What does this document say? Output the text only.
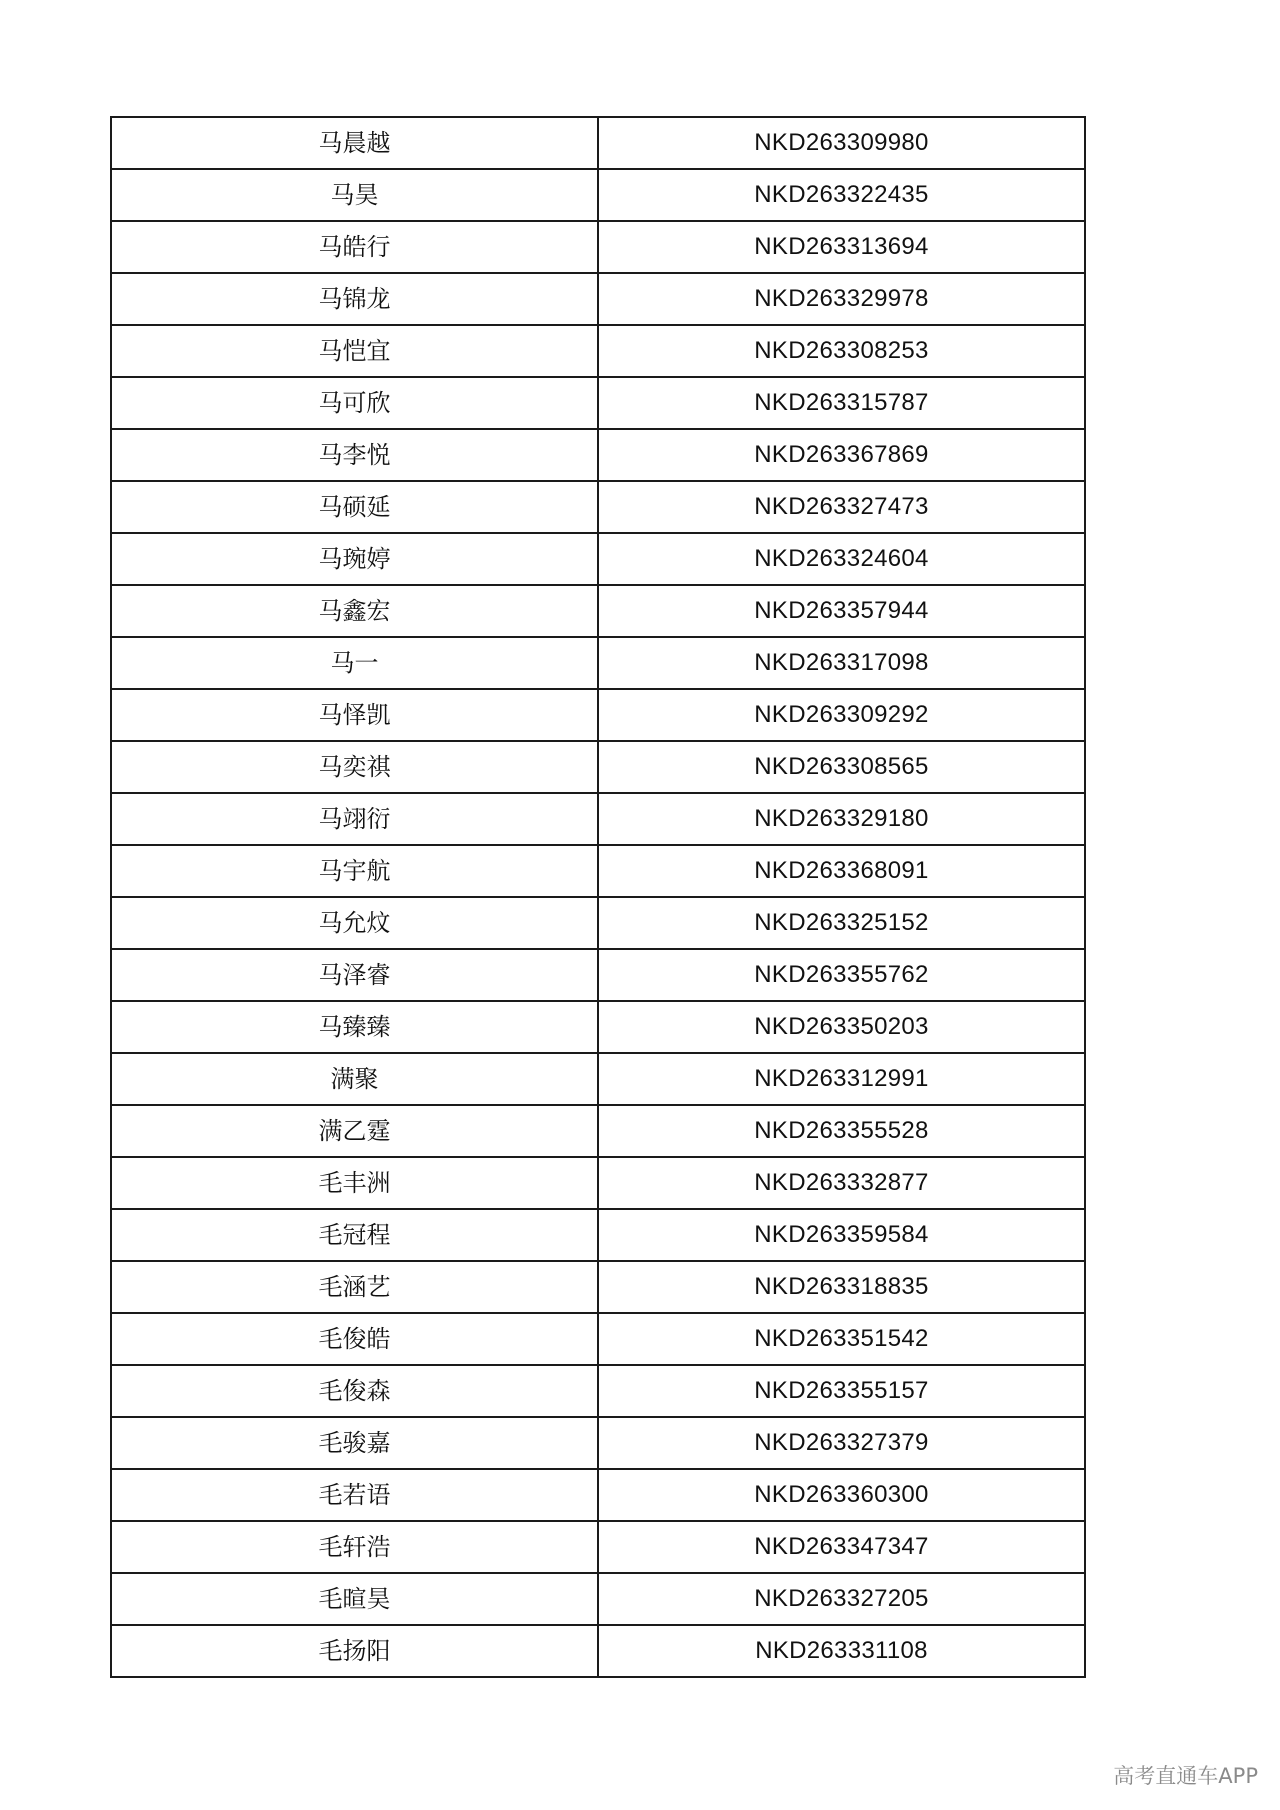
马晨越	NKD263309980
马昊	NKD263322435
马皓行	NKD263313694
马锦龙	NKD263329978
马恺宜	NKD263308253
马可欣	NKD263315787
马李悦	NKD263367869
马硕延	NKD263327473
马琬婷	NKD263324604
马鑫宏	NKD263357944
马一	NKD263317098
马怿凯	NKD263309292
马奕祺	NKD263308565
马翊衍	NKD263329180
马宇航	NKD263368091
马允炆	NKD263325152
马泽睿	NKD263355762
马臻臻	NKD263350203
满聚	NKD263312991
满乙霆	NKD263355528
毛丰洲	NKD263332877
毛冠程	NKD263359584
毛涵艺	NKD263318835
毛俊皓	NKD263351542
毛俊森	NKD263355157
毛骏嘉	NKD263327379
毛若语	NKD263360300
毛轩浩	NKD263347347
毛暄昊	NKD263327205
毛扬阳	NKD263331108
高考直通车APP
